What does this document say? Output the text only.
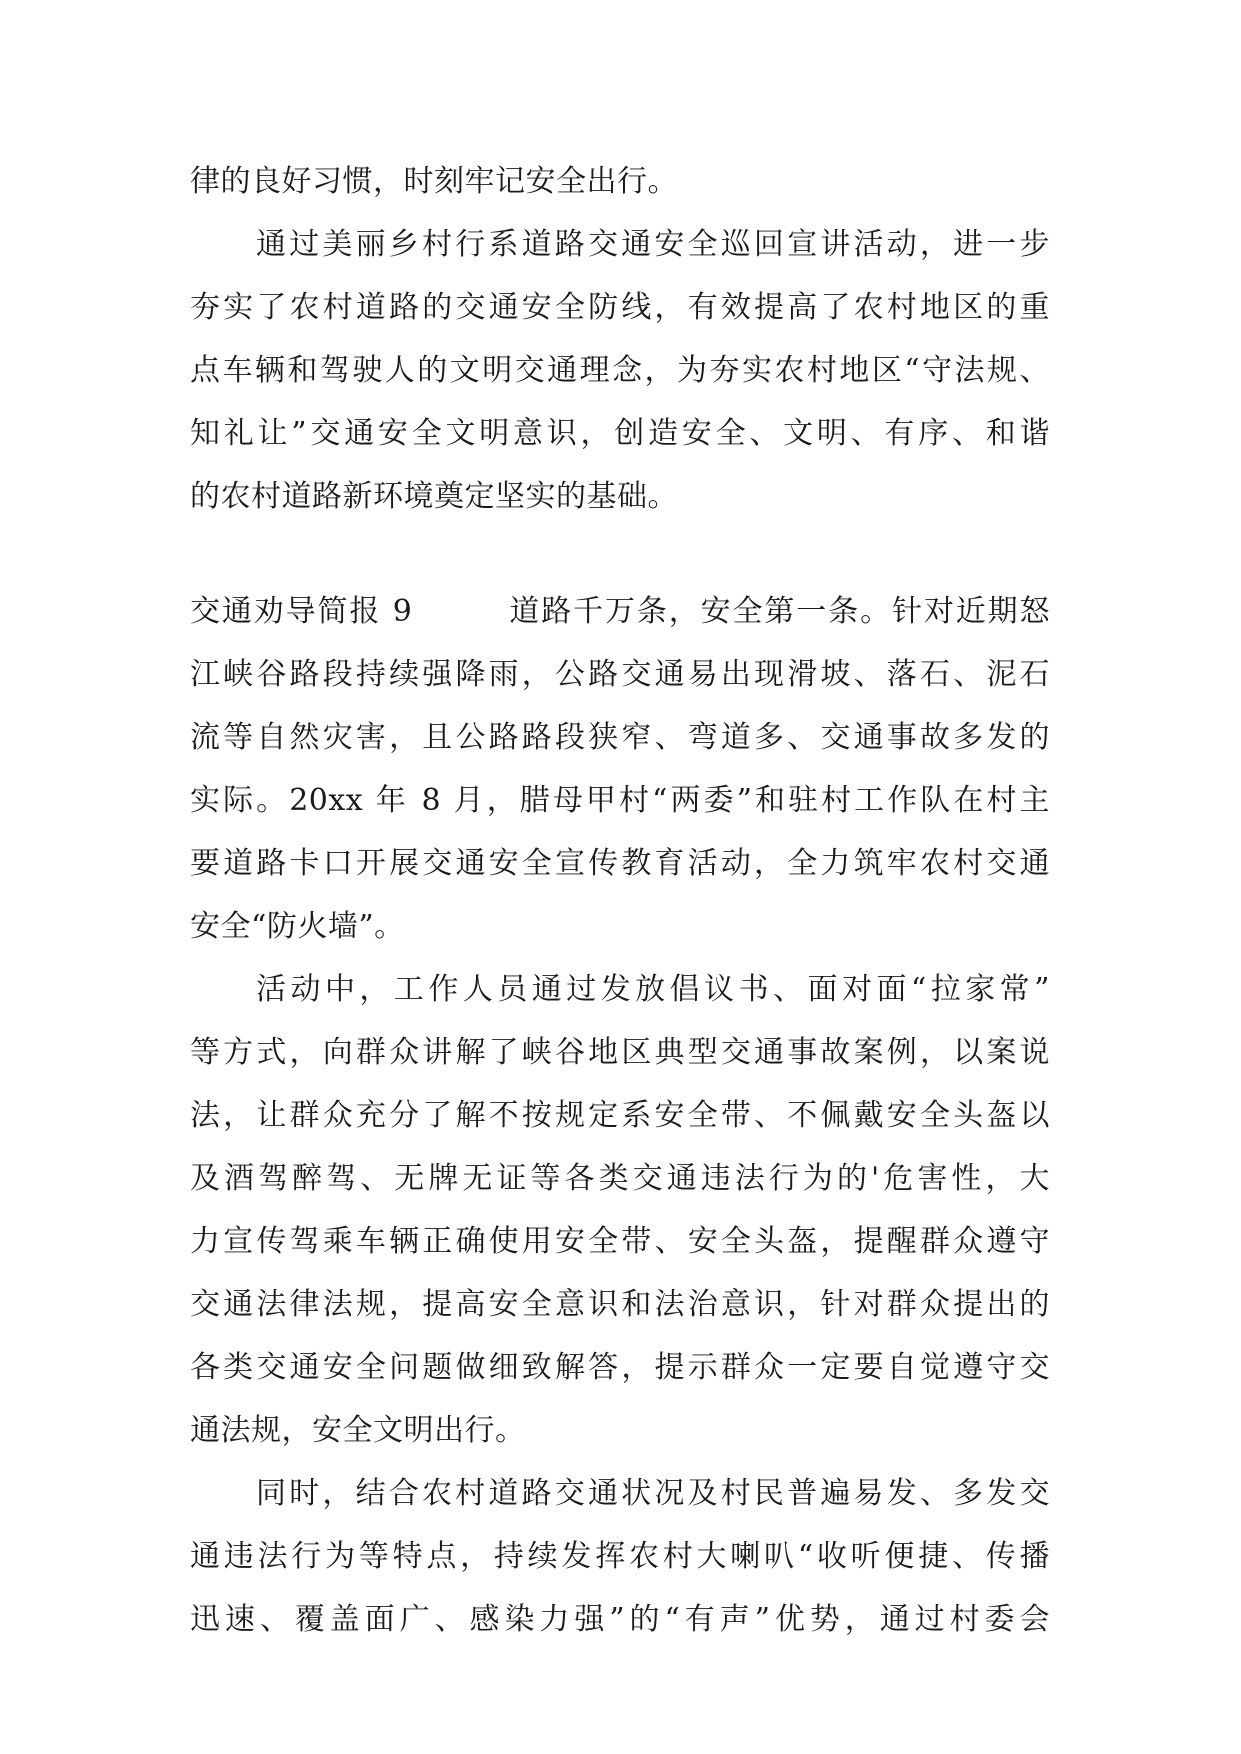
律的良好习惯，时刻牢记安全出行。
通过美丽乡村行系道路交通安全巡回宣讲活动，进一步
夯实了农村道路的交通安全防线，有效提高了农村地区的重
点车辆和驾驶人的文明交通理念，为夯实农村地区“守法规、
知礼让”交通安全文明意识，创造安全、文明、有序、和谐
的农村道路新环境奠定坚实的基础。
交通劝导简报 9　　　道路千万条，安全第一条。针对近期怒
江峡谷路段持续强降雨，公路交通易出现滑坡、落石、泥石
流等自然灾害，且公路路段狭窄、弯道多、交通事故多发的
实际。20xx 年 8 月，腊母甲村“两委”和驻村工作队在村主
要道路卡口开展交通安全宣传教育活动，全力筑牢农村交通
安全“防火墙”。
活动中，工作人员通过发放倡议书、面对面“拉家常”
等方式，向群众讲解了峡谷地区典型交通事故案例，以案说
法，让群众充分了解不按规定系安全带、不佩戴安全头盔以
及酒驾醉驾、无牌无证等各类交通违法行为的'危害性，大
力宣传驾乘车辆正确使用安全带、安全头盔，提醒群众遵守
交通法律法规，提高安全意识和法治意识，针对群众提出的
各类交通安全问题做细致解答，提示群众一定要自觉遵守交
通法规，安全文明出行。
同时，结合农村道路交通状况及村民普遍易发、多发交
通违法行为等特点，持续发挥农村大喇叭“收听便捷、传播
迅速、覆盖面广、感染力强”的“有声”优势，通过村委会
